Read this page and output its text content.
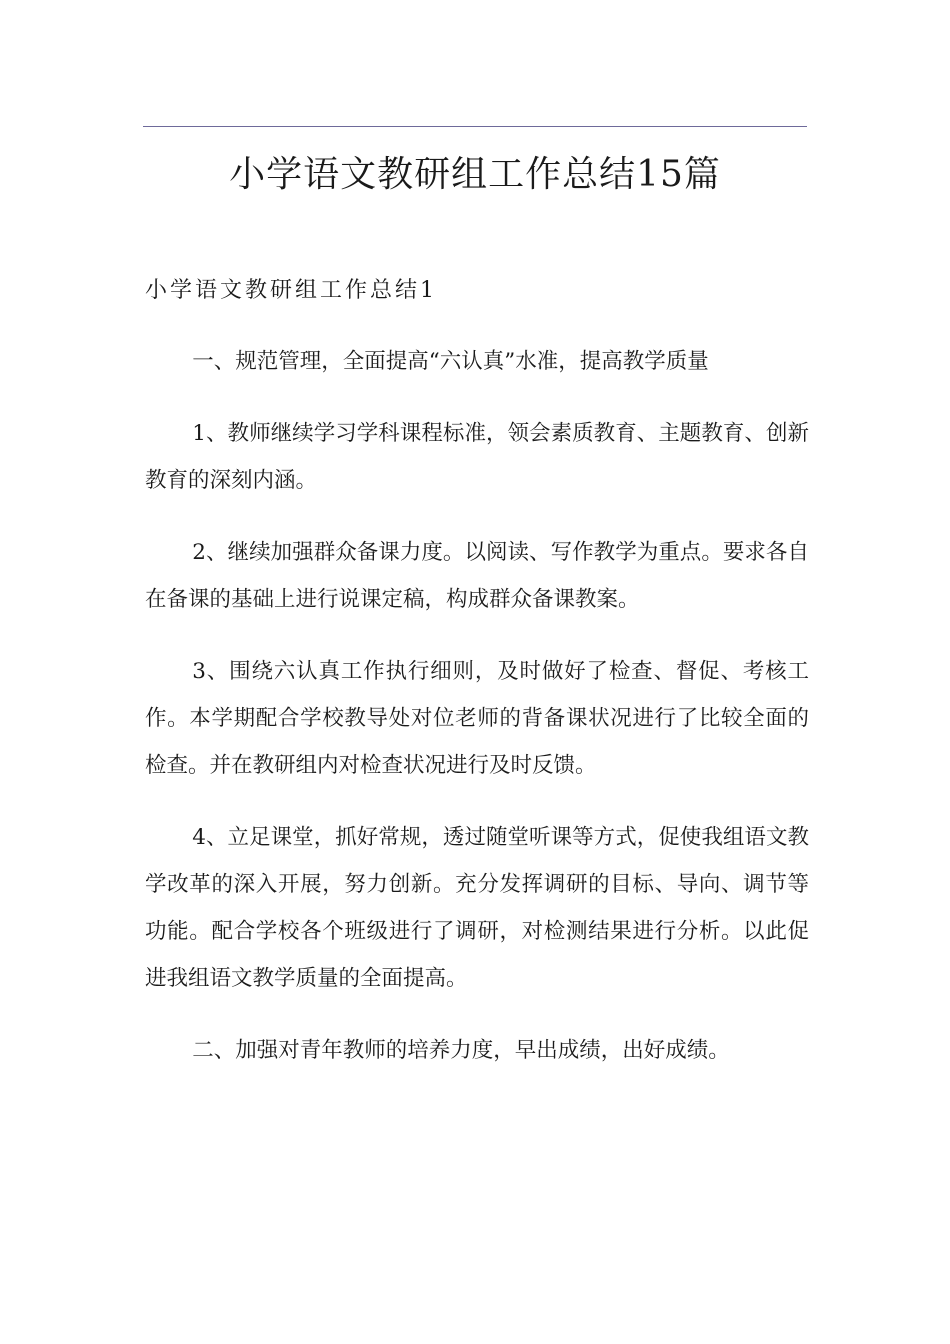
小学语文教研组工作总结15篇
小学语文教研组工作总结1

一、规范管理，全面提高“六认真”水准，提高教学质量

1、教师继续学习学科课程标准，领会素质教育、主题教育、创新教育的深刻内涵。

2、继续加强群众备课力度。以阅读、写作教学为重点。要求各自在备课的基础上进行说课定稿，构成群众备课教案。

3、围绕六认真工作执行细则，及时做好了检查、督促、考核工作。本学期配合学校教导处对位老师的背备课状况进行了比较全面的检查。并在教研组内对检查状况进行及时反馈。

4、立足课堂，抓好常规，透过随堂听课等方式，促使我组语文教学改革的深入开展，努力创新。充分发挥调研的目标、导向、调节等功能。配合学校各个班级进行了调研，对检测结果进行分析。以此促进我组语文教学质量的全面提高。

二、加强对青年教师的培养力度，早出成绩，出好成绩。
